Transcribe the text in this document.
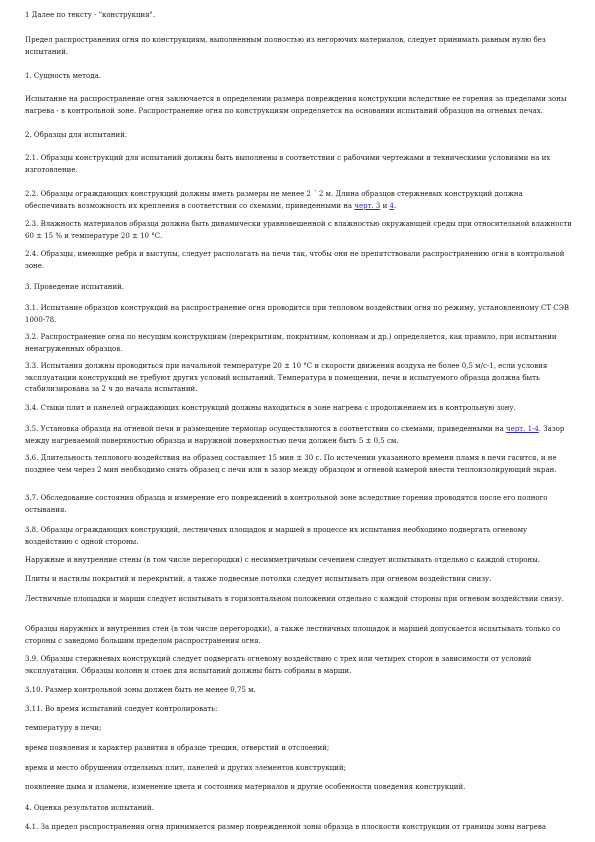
1 Далее по тексту - "конструкция".

Предел распространения огня по конструкциям, выполненным полностью из негорючих материалов, следует принимать равным нулю без испытаний.

1. Сущность метода.

Испытание на распространение огня заключается в определении размера повреждения конструкции вследствие ее горения за пределами зоны нагрева - в контрольной зоне. Распространение огня по конструкциям определяется на основании испытаний образцов на огневых печах.

2. Образцы для испытаний.

2.1. Образцы конструкций для испытаний должны быть выполнены в соответствии с рабочими чертежами и техническими условиями на их изготовление.

2.2. Образцы ограждающих конструкций должны иметь размеры не менее 2 ´ 2 м. Длина образцов стержневых конструкций должна обеспечивать возможность их крепления в соответствии со схемами, приведенными на черт. 3 и 4.

2.3. Влажность материалов образца должна быть динамически уравновешенной с влажностью окружающей среды при относительной влажности 60 ± 15 % и температуре 20 ± 10 °С.

2.4. Образцы, имеющие ребра и выступы, следует располагать на печи так, чтобы они не препятствовали распространению огня в контрольной зоне.

3. Проведение испытаний.

3.1. Испытание образцов конструкций на распространение огня проводится при тепловом воздействии огня по режиму, установленному СТ СЭВ 1000-78.

3.2. Распространение огня по несущим конструкциям (перекрытиям, покрытиям, колоннам и др.) определяется, как правило, при испытании ненагруженных образцов.

3.3. Испытания должны проводиться при начальной температуре 20 ± 10 °С и скорости движения воздуха не более 0,5 м/с-1, если условия эксплуатации конструкций не требуют других условий испытаний. Температура в помещении, печи и испытуемого образца должна быть стабилизирована за 2 ч до начала испытаний.

3.4. Стыки плит и панелей ограждающих конструкций должны находиться в зоне нагрева с продолжением их в контрольную зону.

3.5. Установка образца на огневой печи и размещение термопар осуществляются в соответствии со схемами, приведенными на черт. 1-4. Зазор между нагреваемой поверхностью образца и наружной поверхностью печи должен быть 5 ± 0,5 см.

3.6. Длительность теплового воздействия на образец составляет 15 мин ± 30 с. По истечении указанного времени пламя в печи гасится, и не позднее чем через 2 мин необходимо снять образец с печи или в зазор между образцом и огневой камерой внести теплоизолирующий экран.

3.7. Обследование состояния образца и измерение его повреждений в контрольной зоне вследствие горения проводятся после его полного остывания.

3.8. Образцы ограждающих конструкций, лестничных площадок и маршей в процессе их испытания необходимо подвергать огневому воздействию с одной стороны.

Наружные и внутренние стены (в том числе перегородки) с несимметричным сечением следует испытывать отдельно с каждой стороны.

Плиты и настилы покрытий и перекрытий, а также подвесные потолки следует испытывать при огневом воздействии снизу.

Лестничные площадки и марши следует испытывать в горизонтальном положении отдельно с каждой стороны при огневом воздействии снизу.

Образцы наружных и внутренних стен (в том числе перегородки), а также лестничных площадок и маршей допускается испытывать только со стороны с заведомо большим пределом распространения огня.

3.9. Образцы стержневых конструкций следует подвергать огневому воздействию с трех или четырех сторон в зависимости от условий эксплуатации. Образцы колонн и стоек для испытаний должны быть собраны в марши.

3.10. Размер контрольной зоны должен быть не менее 0,75 м.

3.11. Во время испытаний следует контролировать:

температуру в печи;

время появления и характер развития в образце трещин, отверстий и отслоений;

время и место обрушения отдельных плит, панелей и других элементов конструкций;

появление дыма и пламени, изменение цвета и состояния материалов и другие особенности поведения конструкций.

4. Оценка результатов испытаний.

4.1. За предел распространения огня принимается размер поврежденной зоны образца в плоскости конструкции от границы зоны нагрева
